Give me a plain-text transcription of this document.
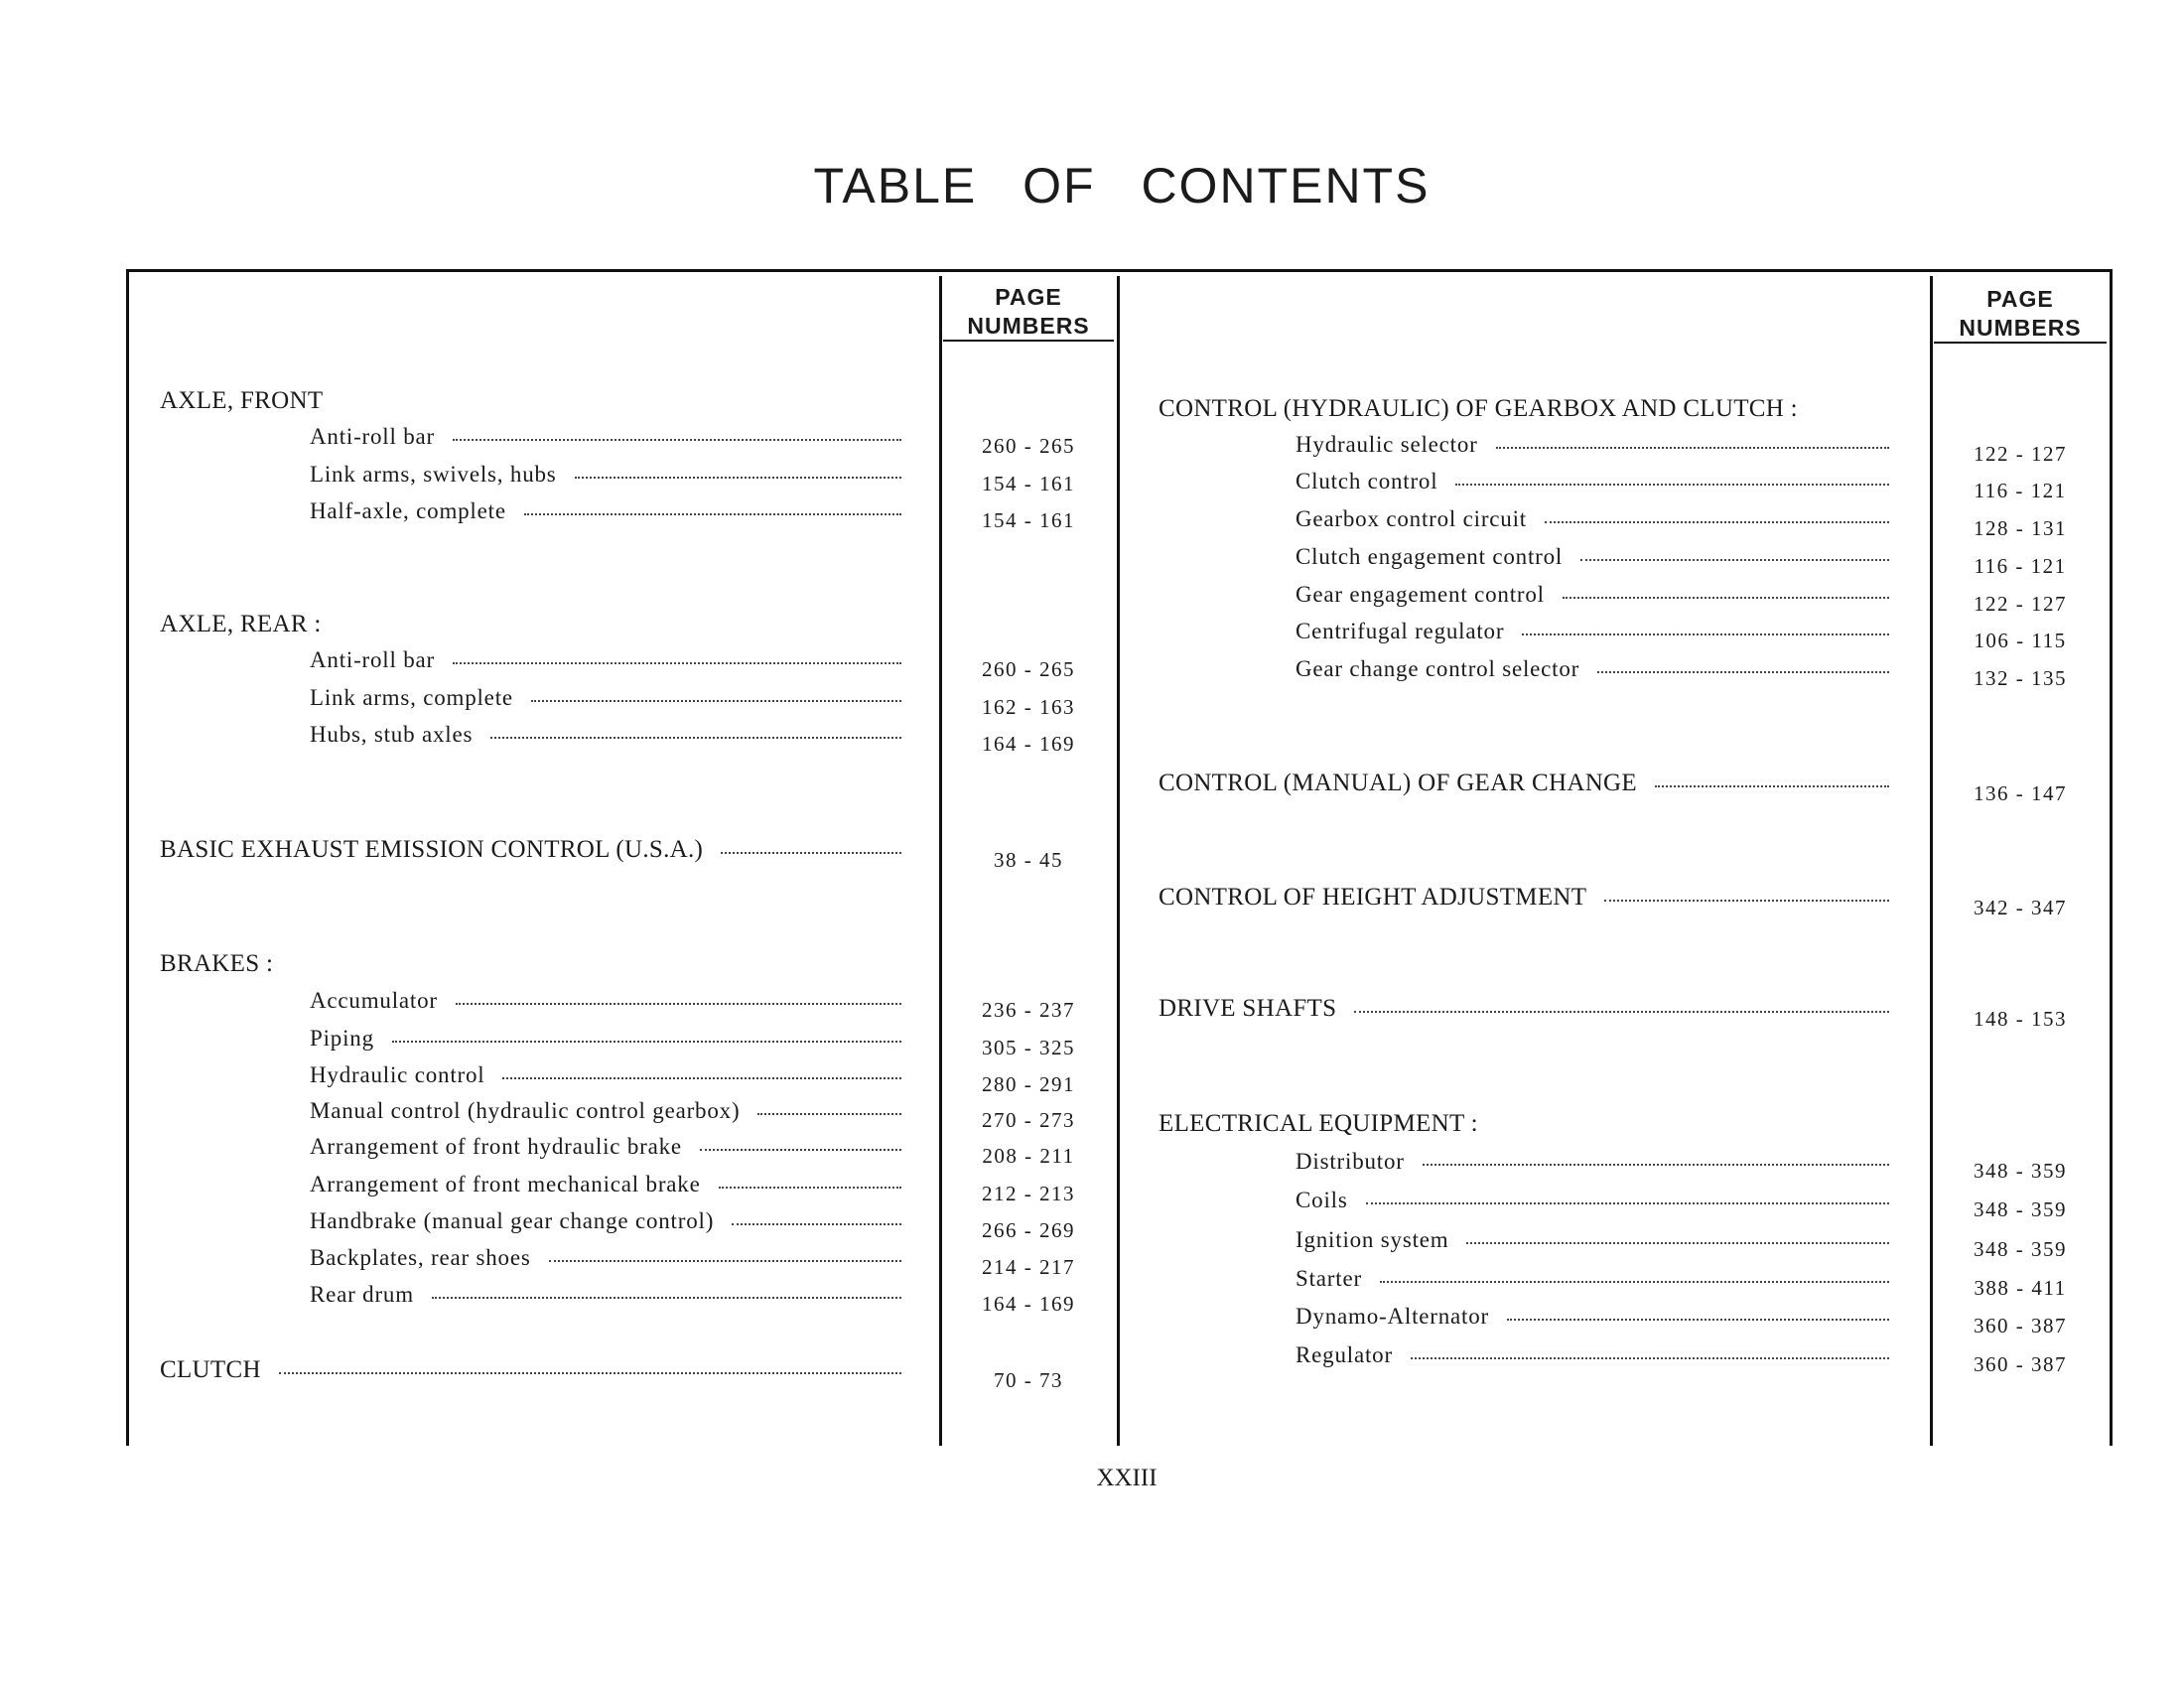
TABLE OF CONTENTS
PAGE
NUMBERS
PAGE
NUMBERS
AXLE, FRONT
Anti-roll bar	260 - 265
Link arms, swivels, hubs	154 - 161
Half-axle, complete	154 - 161
AXLE, REAR :
Anti-roll bar	260 - 265
Link arms, complete	162 - 163
Hubs, stub axles	164 - 169
BASIC EXHAUST EMISSION CONTROL (U.S.A.)	38 - 45
BRAKES :
Accumulator	236 - 237
Piping	305 - 325
Hydraulic control	280 - 291
Manual control (hydraulic control gearbox)	270 - 273
Arrangement of front hydraulic brake	208 - 211
Arrangement of front mechanical brake	212 - 213
Handbrake (manual gear change control)	266 - 269
Backplates, rear shoes	214 - 217
Rear drum	164 - 169
CLUTCH	70 - 73
CONTROL (HYDRAULIC) OF GEARBOX AND CLUTCH :
Hydraulic selector	122 - 127
Clutch control	116 - 121
Gearbox control circuit	128 - 131
Clutch engagement control	116 - 121
Gear engagement control	122 - 127
Centrifugal regulator	106 - 115
Gear change control selector	132 - 135
CONTROL (MANUAL) OF GEAR CHANGE	136 - 147
CONTROL OF HEIGHT ADJUSTMENT	342 - 347
DRIVE SHAFTS	148 - 153
ELECTRICAL EQUIPMENT :
Distributor	348 - 359
Coils	348 - 359
Ignition system	348 - 359
Starter	388 - 411
Dynamo-Alternator	360 - 387
Regulator	360 - 387
XXIII
